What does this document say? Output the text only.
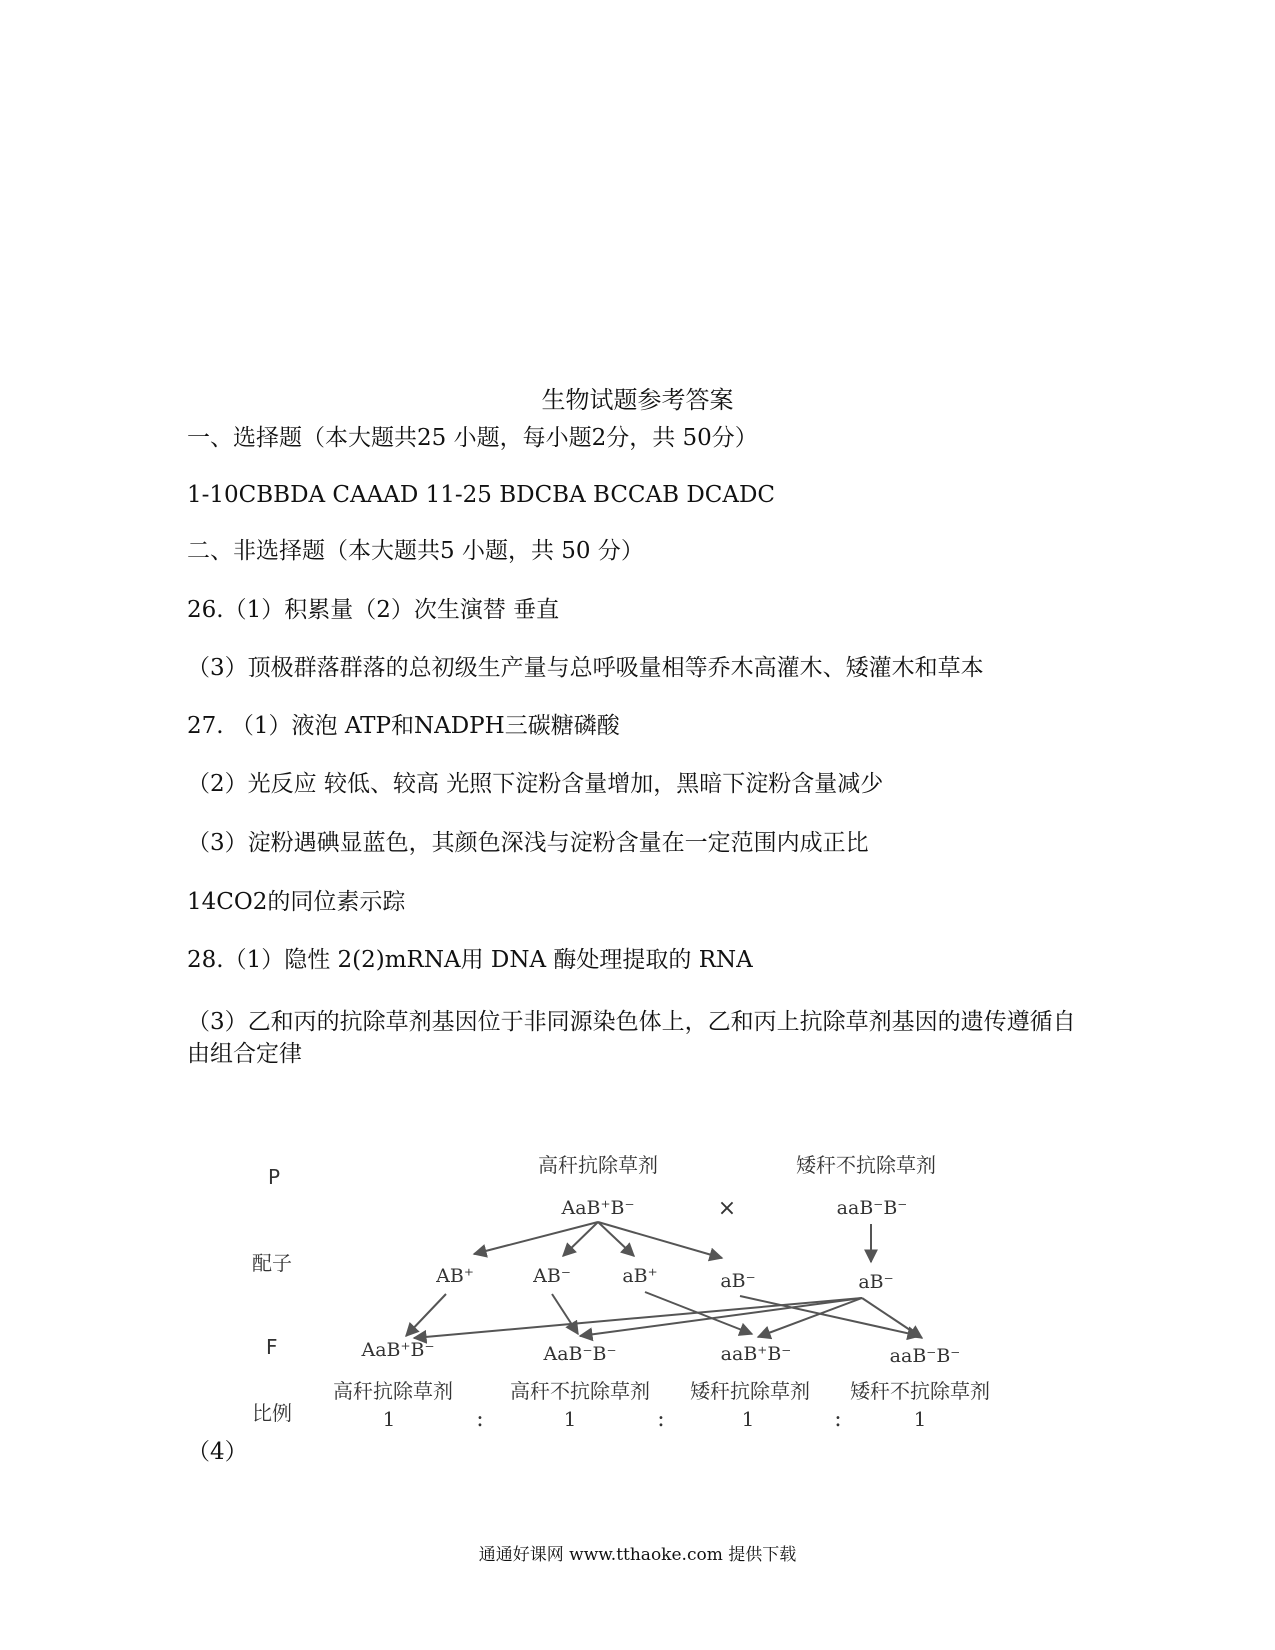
生物试题参考答案
一、选择题（本大题共25 小题，每小题2分，共 50分）
1-10CBBDA CAAAD 11-25 BDCBA BCCAB DCADC
二、非选择题（本大题共5 小题，共 50 分）
26.（1）积累量（2）次生演替 垂直
（3）顶极群落群落的总初级生产量与总呼吸量相等乔木高灌木、矮灌木和草本
27. （1）液泡 ATP和NADPH三碳糖磷酸
（2）光反应 较低、较高 光照下淀粉含量增加，黑暗下淀粉含量减少
（3）淀粉遇碘显蓝色，其颜色深浅与淀粉含量在一定范围内成正比
14CO2的同位素示踪
28.（1）隐性 2(2)mRNA用 DNA 酶处理提取的 RNA
（3）乙和丙的抗除草剂基因位于非同源染色体上，乙和丙上抗除草剂基因的遗传遵循自由组合定律
P
配子
F
比例
高秆抗除草剂
AaB⁺B⁻	×
矮秆不抗除草剂
aaB⁻B⁻
AB⁺	AB⁻	aB⁺	aB⁻	aB⁻
AaB⁺B⁻	AaB⁻B⁻	aaB⁺B⁻	aaB⁻B⁻
高秆抗除草剂	高秆不抗除草剂 矮秆抗除草剂 矮秆不抗除草剂
1	:	1	:	1	:	1
（4）
通通好课网 www.tthaoke.com 提供下载
